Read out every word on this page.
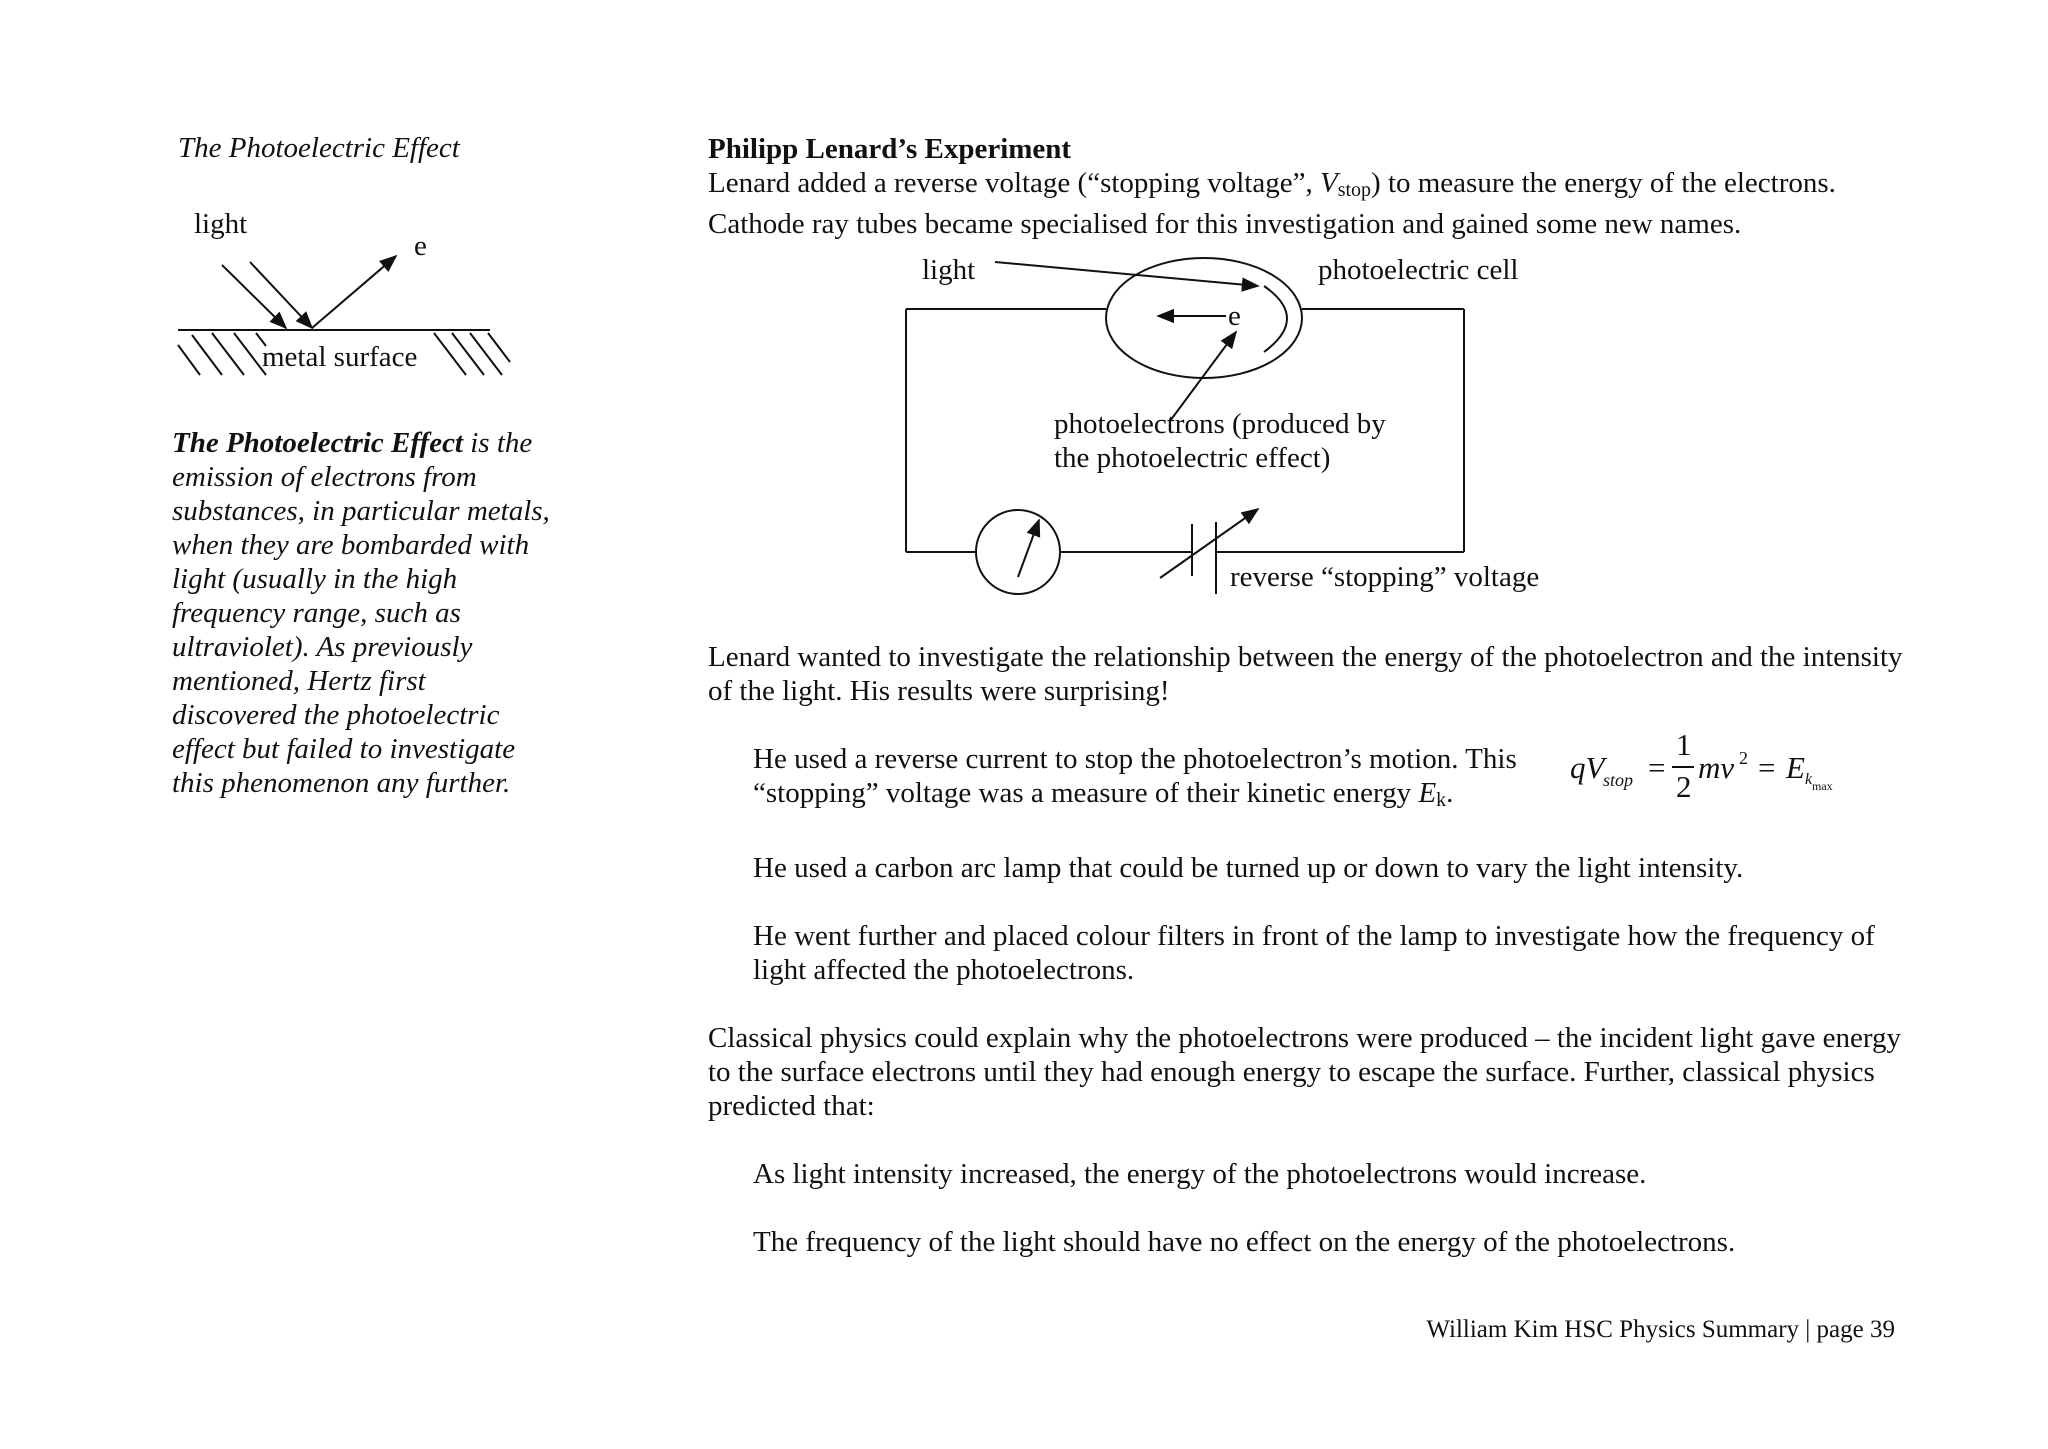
The Photoelectric Effect
light
e
metal surface
light	photoelectric cell
e
photoelectrons (produced by
the photoelectric effect)
reverse “stopping” voltage
qV
stop =
1
2
mv 2 = E k max
The Photoelectric Effect is the emission of electrons from substances, in particular metals, when they are bombarded with light (usually in the high frequency range, such as ultraviolet). As previously mentioned, Hertz first discovered the photoelectric effect but failed to investigate this phenomenon any further.

Philipp Lenard’s Experiment

Lenard added a reverse voltage (“stopping voltage”, $V_{stop}$) to measure the energy of the electrons. Cathode ray tubes became specialised for this investigation and gained some new names.

Lenard wanted to investigate the relationship between the energy of the photoelectron and the intensity of the light. His results were surprising!

He used a reverse current to stop the photoelectron’s motion. This “stopping” voltage was a measure of their kinetic energy $E_k$.

He used a carbon arc lamp that could be turned up or down to vary the light intensity.

He went further and placed colour filters in front of the lamp to investigate how the frequency of light affected the photoelectrons.

Classical physics could explain why the photoelectrons were produced – the incident light gave energy to the surface electrons until they had enough energy to escape the surface. Further, classical physics predicted that:

As light intensity increased, the energy of the photoelectrons would increase.

The frequency of the light should have no effect on the energy of the photoelectrons.

William Kim HSC Physics Summary | page 39
